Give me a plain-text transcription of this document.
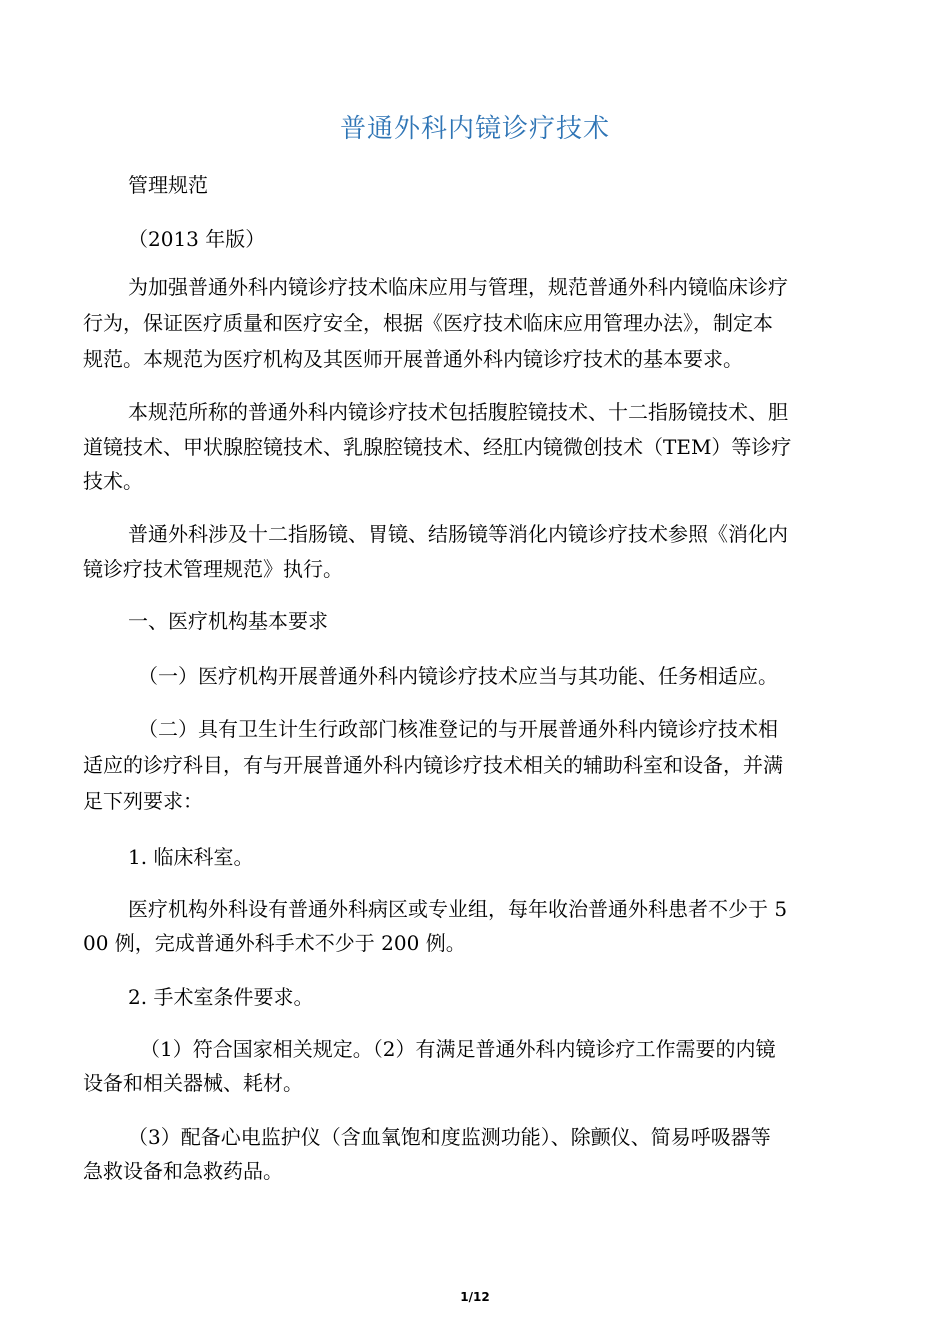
普通外科内镜诊疗技术
管理规范
（2013 年版）
为加强普通外科内镜诊疗技术临床应用与管理，规范普通外科内镜临床诊疗
行为，保证医疗质量和医疗安全，根据《医疗技术临床应用管理办法》，制定本
规范。本规范为医疗机构及其医师开展普通外科内镜诊疗技术的基本要求。
本规范所称的普通外科内镜诊疗技术包括腹腔镜技术、十二指肠镜技术、胆
道镜技术、甲状腺腔镜技术、乳腺腔镜技术、经肛内镜微创技术（TEM）等诊疗
技术。
普通外科涉及十二指肠镜、胃镜、结肠镜等消化内镜诊疗技术参照《消化内
镜诊疗技术管理规范》执行。
一、医疗机构基本要求
（一）医疗机构开展普通外科内镜诊疗技术应当与其功能、任务相适应。
（二）具有卫生计生行政部门核准登记的与开展普通外科内镜诊疗技术相
适应的诊疗科目，有与开展普通外科内镜诊疗技术相关的辅助科室和设备，并满
足下列要求：
1. 临床科室。
医疗机构外科设有普通外科病区或专业组，每年收治普通外科患者不少于 5
00 例，完成普通外科手术不少于 200 例。
2. 手术室条件要求。
（1）符合国家相关规定。（2）有满足普通外科内镜诊疗工作需要的内镜
设备和相关器械、耗材。
（3）配备心电监护仪（含血氧饱和度监测功能）、除颤仪、简易呼吸器等
急救设备和急救药品。
1/12
